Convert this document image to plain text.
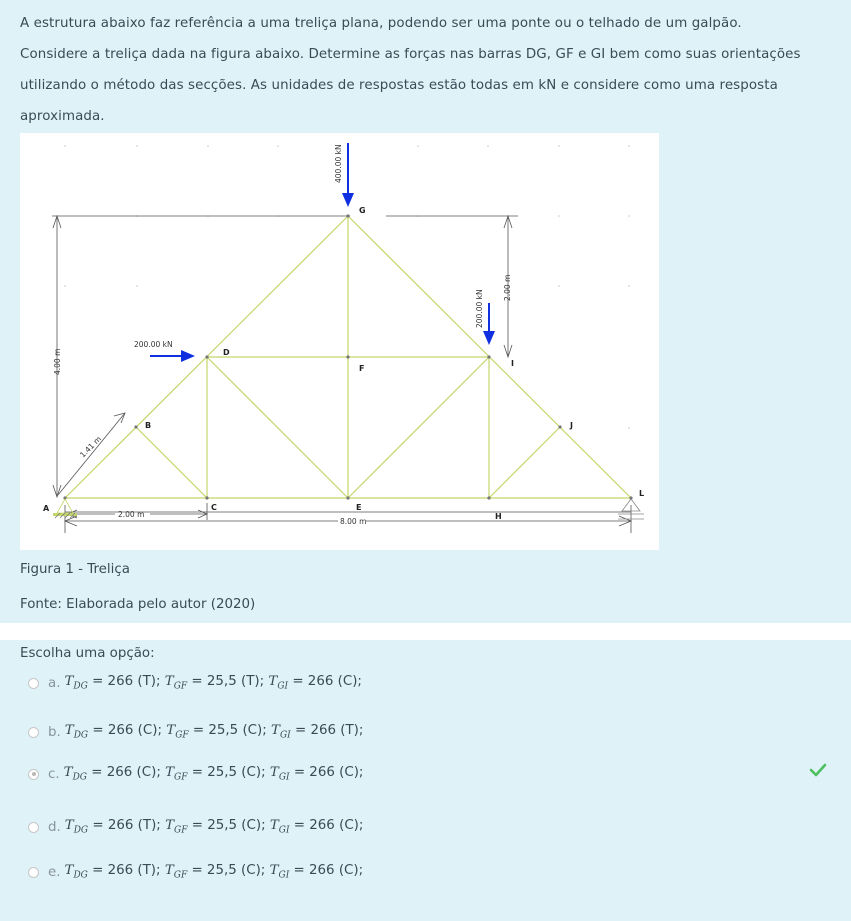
A estrutura abaixo faz referência a uma treliça plana, podendo ser uma ponte ou o telhado de um galpão.

Considere a treliça dada na figura abaixo. Determine as forças nas barras DG, GF e GI bem como suas orientações

utilizando o método das secções. As unidades de respostas estão todas em kN e considere como uma resposta

aproximada.

400.00 kN
200.00 kN
200.00 kN
4.00 m
2.00 m
1.41 m
2.00 m
8.00 m
A
B
C
D
E
F
G
H
I
J
L
Figura 1 - Treliça
Fonte: Elaborada pelo autor (2020)
Escolha uma opção:
a. $T_{DG} = 266$ (T); $T_{GF} = 25,5$ (T); $T_{GI} = 266$ (C);
b. $T_{DG} = 266$ (C); $T_{GF} = 25,5$ (C); $T_{GI} = 266$ (T);
c. $T_{DG} = 266$ (C); $T_{GF} = 25,5$ (C); $T_{GI} = 266$ (C);
d. $T_{DG} = 266$ (T); $T_{GF} = 25,5$ (C); $T_{GI} = 266$ (C);
e. $T_{DG} = 266$ (T); $T_{GF} = 25,5$ (C); $T_{GI} = 266$ (C);
